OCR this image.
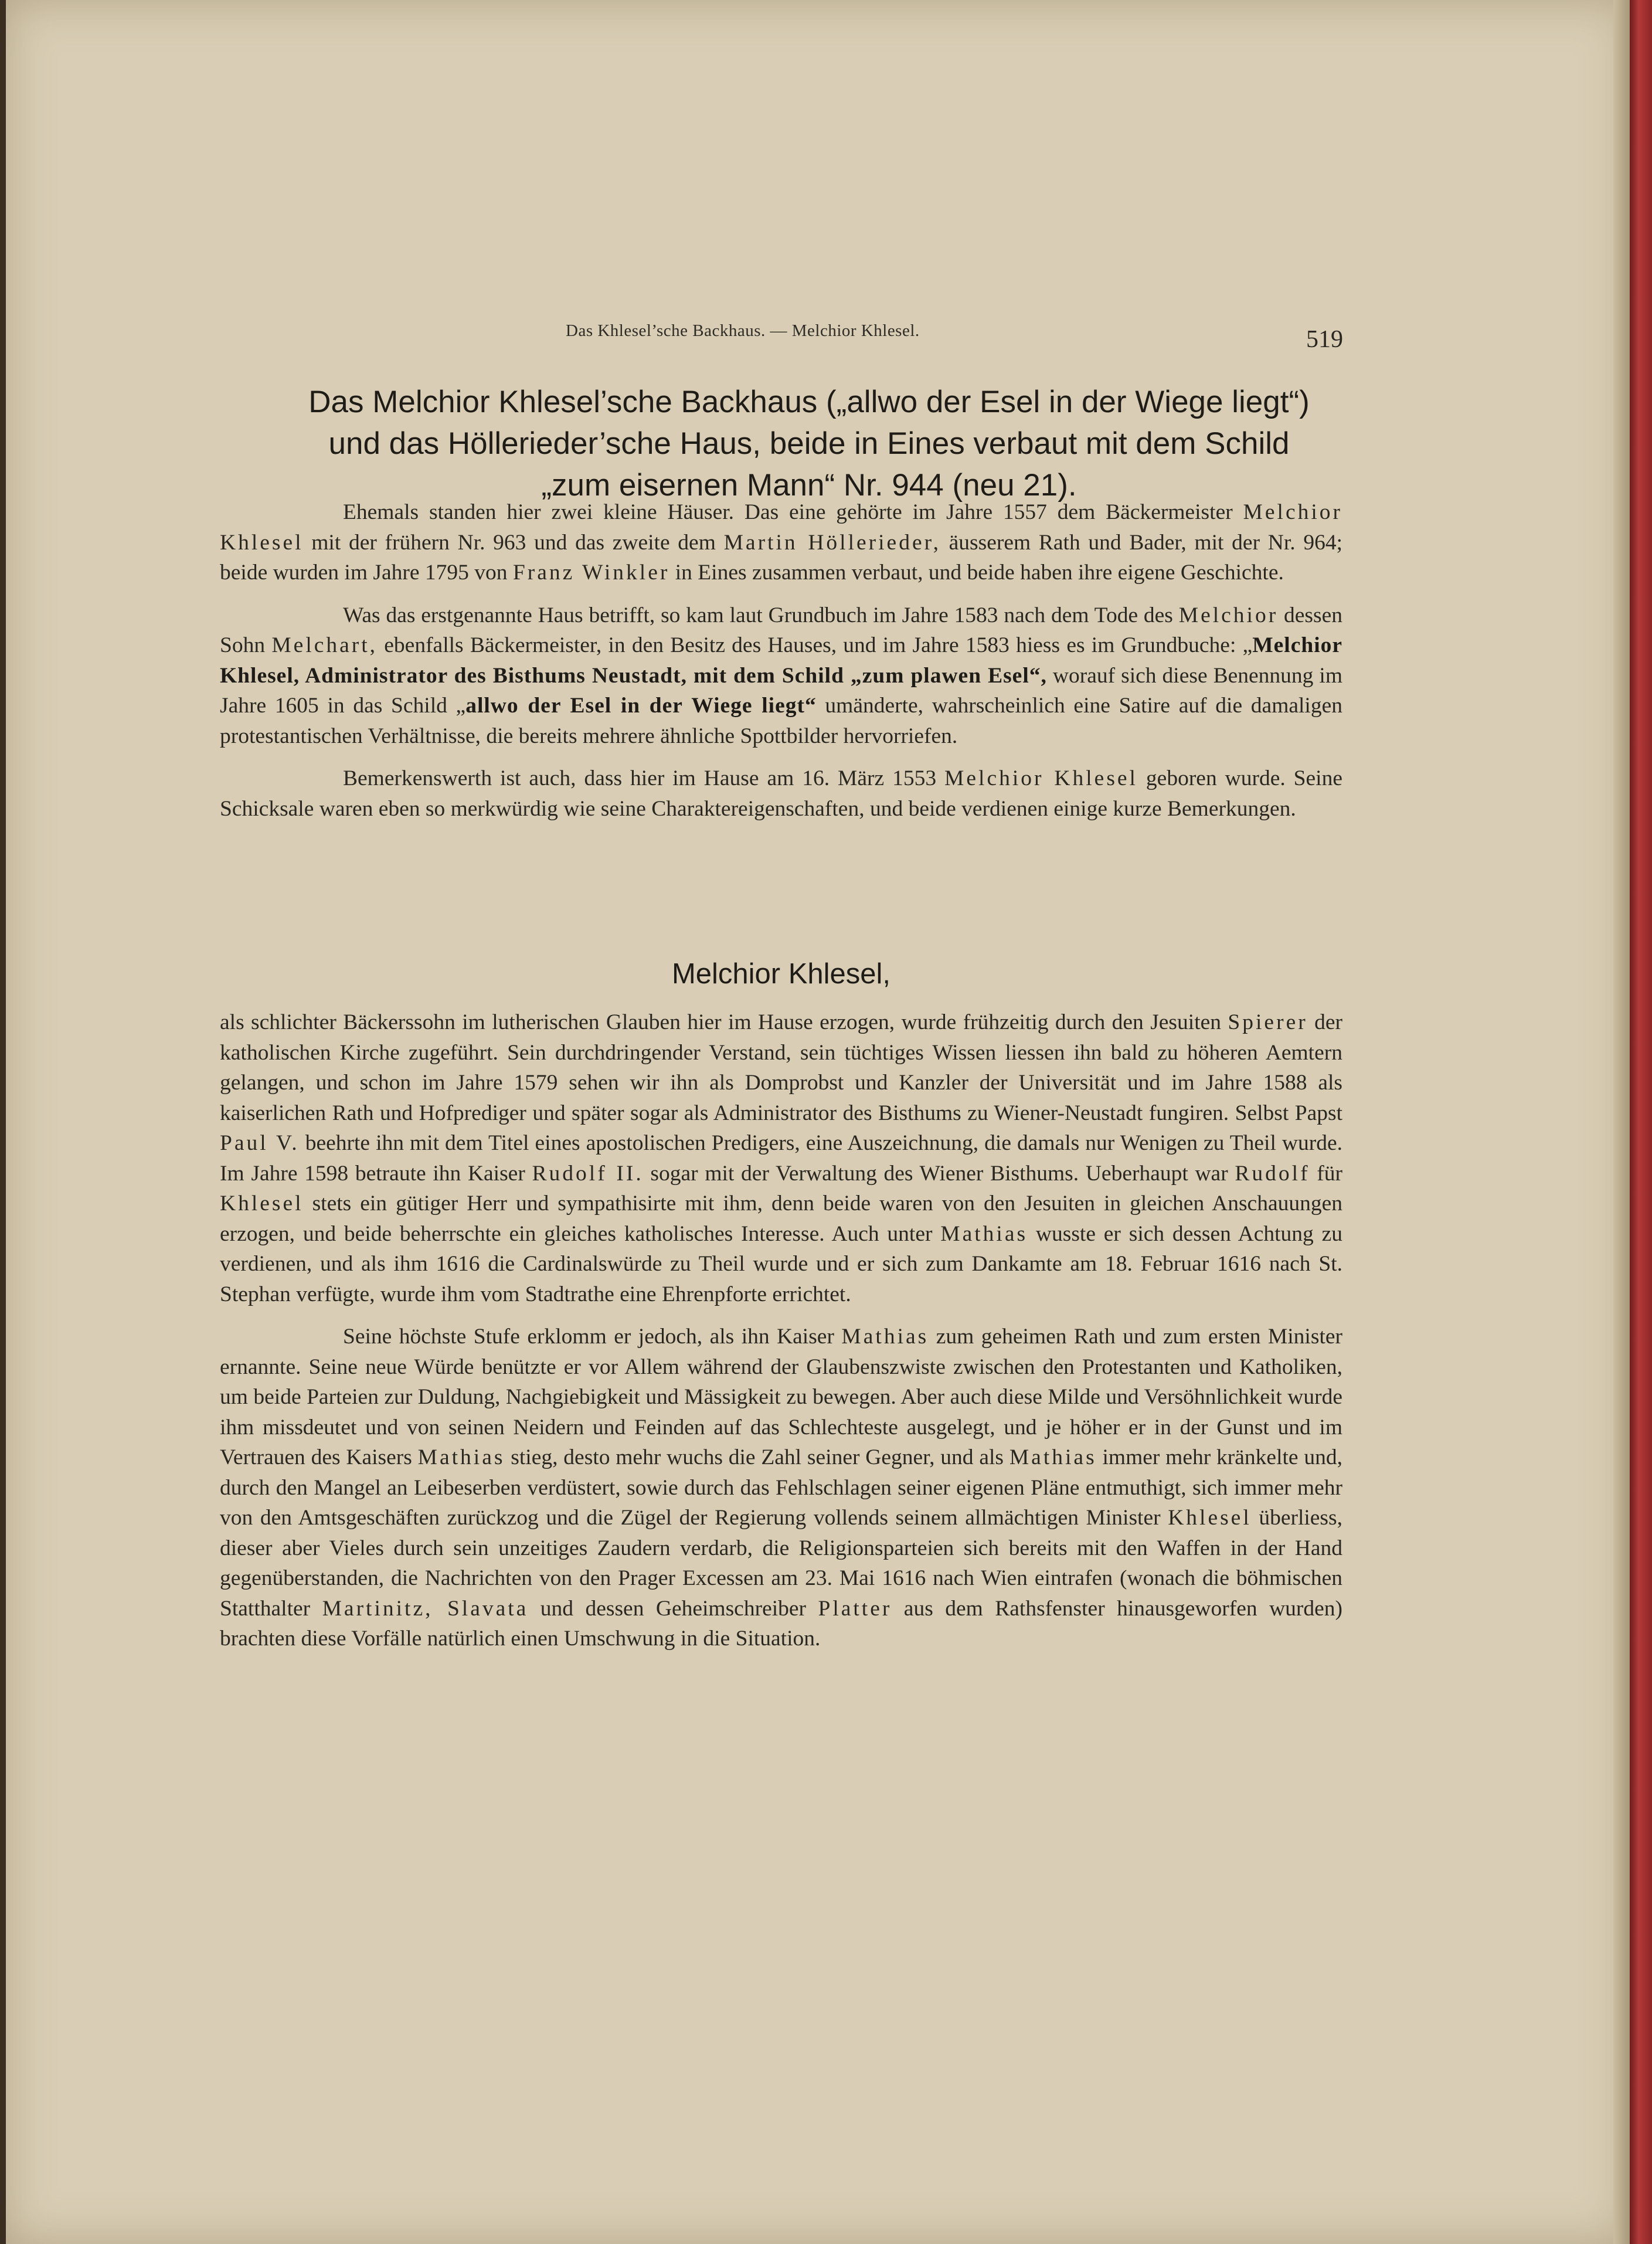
Das Khlesel’sche Backhaus. — Melchior Khlesel.	519
Das Melchior Khlesel’sche Backhaus („allwo der Esel in der Wiege liegt“)
und das Höllerieder’sche Haus, beide in Eines verbaut mit dem Schild
„zum eisernen Mann“ Nr. 944 (neu 21).

Ehemals standen hier zwei kleine Häuser. Das eine gehörte im Jahre 1557 dem Bäckermeister Melchior Khlesel mit der frühern Nr. 963 und das zweite dem Martin Höllerieder, äusserem Rath und Bader, mit der Nr. 964; beide wurden im Jahre 1795 von Franz Winkler in Eines zusammen verbaut, und beide haben ihre eigene Geschichte.

Was das erstgenannte Haus betrifft, so kam laut Grundbuch im Jahre 1583 nach dem Tode des Melchior dessen Sohn Melchart, ebenfalls Bäckermeister, in den Besitz des Hauses, und im Jahre 1583 hiess es im Grundbuche: „Melchior Khlesel, Administrator des Bisthums Neustadt, mit dem Schild „zum plawen Esel“, worauf sich diese Benennung im Jahre 1605 in das Schild „allwo der Esel in der Wiege liegt“ umänderte, wahrscheinlich eine Satire auf die damaligen protestantischen Verhältnisse, die bereits mehrere ähnliche Spottbilder hervorriefen.

Bemerkenswerth ist auch, dass hier im Hause am 16. März 1553 Melchior Khlesel geboren wurde. Seine Schicksale waren eben so merkwürdig wie seine Charaktereigenschaften, und beide verdienen einige kurze Bemerkungen.

Melchior Khlesel,

als schlichter Bäckerssohn im lutherischen Glauben hier im Hause erzogen, wurde frühzeitig durch den Jesuiten Spierer der katholischen Kirche zugeführt. Sein durchdringender Verstand, sein tüchtiges Wissen liessen ihn bald zu höheren Aemtern gelangen, und schon im Jahre 1579 sehen wir ihn als Domprobst und Kanzler der Universität und im Jahre 1588 als kaiserlichen Rath und Hofprediger und später sogar als Administrator des Bisthums zu Wiener-Neustadt fungiren. Selbst Papst Paul V. beehrte ihn mit dem Titel eines apostolischen Predigers, eine Auszeichnung, die damals nur Wenigen zu Theil wurde. Im Jahre 1598 betraute ihn Kaiser Rudolf II. sogar mit der Verwaltung des Wiener Bisthums. Ueberhaupt war Rudolf für Khlesel stets ein gütiger Herr und sympathisirte mit ihm, denn beide waren von den Jesuiten in gleichen Anschauungen erzogen, und beide beherrschte ein gleiches katholisches Interesse. Auch unter Mathias wusste er sich dessen Achtung zu verdienen, und als ihm 1616 die Cardinalswürde zu Theil wurde und er sich zum Dankamte am 18. Februar 1616 nach St. Stephan verfügte, wurde ihm vom Stadtrathe eine Ehrenpforte errichtet.

Seine höchste Stufe erklomm er jedoch, als ihn Kaiser Mathias zum geheimen Rath und zum ersten Minister ernannte. Seine neue Würde benützte er vor Allem während der Glaubenszwiste zwischen den Protestanten und Katholiken, um beide Parteien zur Duldung, Nachgiebigkeit und Mässigkeit zu bewegen. Aber auch diese Milde und Versöhnlichkeit wurde ihm missdeutet und von seinen Neidern und Feinden auf das Schlechteste ausgelegt, und je höher er in der Gunst und im Vertrauen des Kaisers Mathias stieg, desto mehr wuchs die Zahl seiner Gegner, und als Mathias immer mehr kränkelte und, durch den Mangel an Leibeserben verdüstert, sowie durch das Fehlschlagen seiner eigenen Pläne entmuthigt, sich immer mehr von den Amtsgeschäften zurückzog und die Zügel der Regierung vollends seinem allmächtigen Minister Khlesel überliess, dieser aber Vieles durch sein unzeitiges Zaudern verdarb, die Religionsparteien sich bereits mit den Waffen in der Hand gegenüberstanden, die Nachrichten von den Prager Excessen am 23. Mai 1616 nach Wien eintrafen (wonach die böhmischen Statthalter Martinitz, Slavata und dessen Geheimschreiber Platter aus dem Rathsfenster hinausgeworfen wurden) brachten diese Vorfälle natürlich einen Umschwung in die Situation.
